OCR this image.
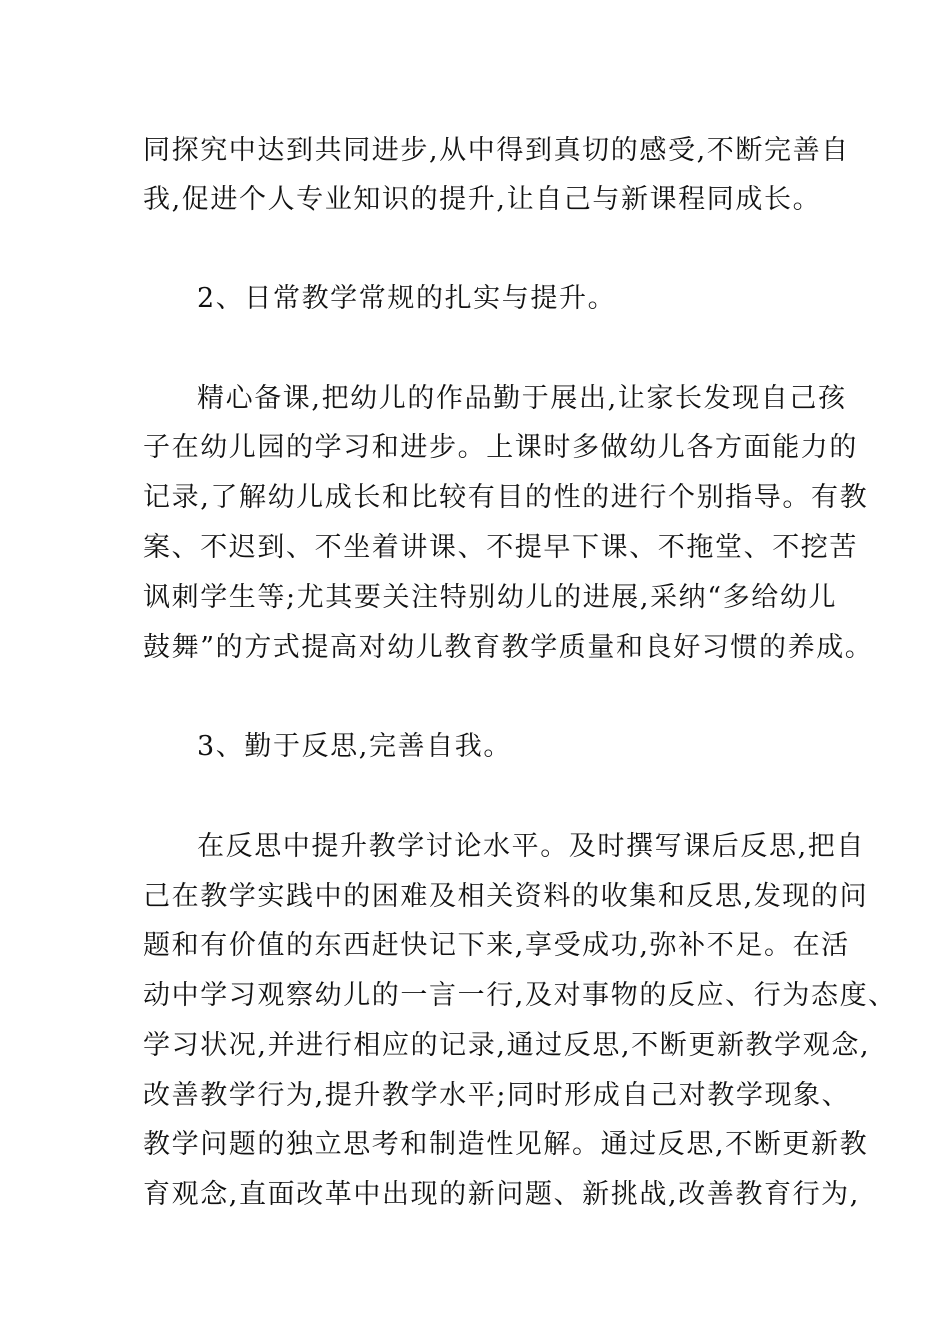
同探究中达到共同进步,从中得到真切的感受,不断完善自
我,促进个人专业知识的提升,让自己与新课程同成长。
2、日常教学常规的扎实与提升。
精心备课,把幼儿的作品勤于展出,让家长发现自己孩
子在幼儿园的学习和进步。上课时多做幼儿各方面能力的
记录,了解幼儿成长和比较有目的性的进行个别指导。有教
案、不迟到、不坐着讲课、不提早下课、不拖堂、不挖苦
讽刺学生等;尤其要关注特别幼儿的进展,采纳“多给幼儿
鼓舞”的方式提高对幼儿教育教学质量和良好习惯的养成。
3、勤于反思,完善自我。
在反思中提升教学讨论水平。及时撰写课后反思,把自
己在教学实践中的困难及相关资料的收集和反思,发现的问
题和有价值的东西赶快记下来,享受成功,弥补不足。在活
动中学习观察幼儿的一言一行,及对事物的反应、行为态度、
学习状况,并进行相应的记录,通过反思,不断更新教学观念,
改善教学行为,提升教学水平;同时形成自己对教学现象、
教学问题的独立思考和制造性见解。通过反思,不断更新教
育观念,直面改革中出现的新问题、新挑战,改善教育行为,
